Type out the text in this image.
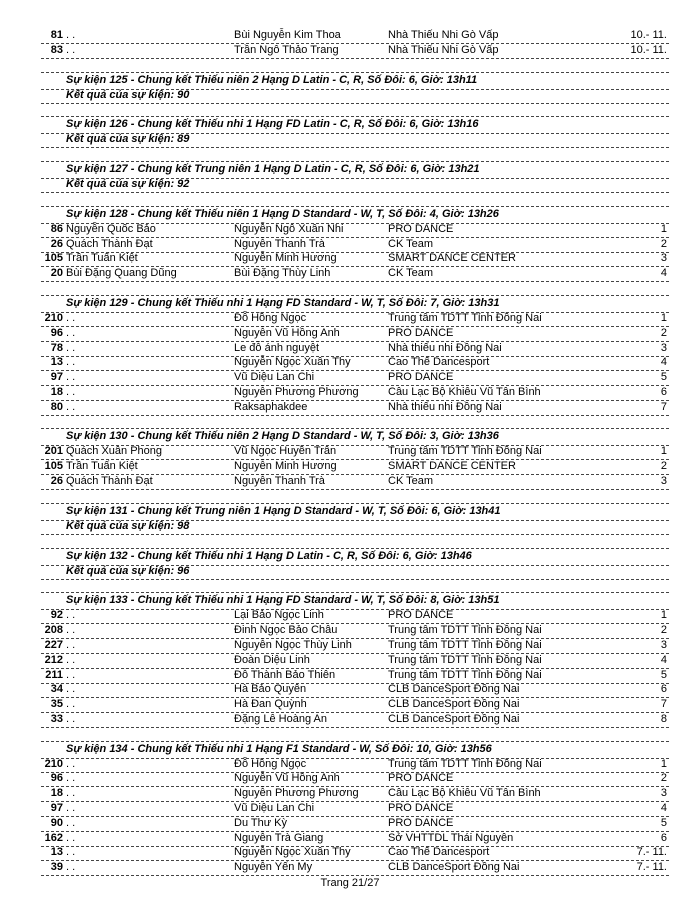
81 . .	Bùi Nguyễn Kim Thoa	Nhà Thiếu Nhi Gò Vấp	10.- 11.
83 . .	Trần Ngô Thảo Trang	Nhà Thiếu Nhi Gò Vấp	10.- 11.
Sự kiện 125 - Chung kết Thiếu niên 2 Hạng D Latin - C, R, Số Đôi: 6, Giờ: 13h11
Kết quả của sự kiện: 90
Sự kiện 126 - Chung kết Thiếu nhi 1 Hạng FD Latin - C, R, Số Đôi: 6, Giờ: 13h16
Kết quả của sự kiện: 89
Sự kiện 127 - Chung kết Trung niên 1 Hạng D Latin - C, R, Số Đôi: 6, Giờ: 13h21
Kết quả của sự kiện: 92
Sự kiện 128 - Chung kết Thiếu niên 1 Hạng D Standard - W, T, Số Đôi: 4, Giờ: 13h26
86 Nguyễn Quốc Bảo	Nguyễn Ngô Xuân Nhi	PRO DANCE	1
26 Quách Thành Đạt	Nguyễn Thanh Trà	CK Team	2
105 Trần Tuấn Kiệt	Nguyễn Minh Hương	SMART DANCE CENTER	3
20 Bùi Đặng Quang Dũng	Bùi Đặng Thùy Linh	CK Team	4
Sự kiện 129 - Chung kết Thiếu nhi 1 Hạng FD Standard - W, T, Số Đôi: 7, Giờ: 13h31
210 . .	Đỗ Hồng Ngọc	Trung tâm TDTT Tỉnh Đồng Nai	1
96 . .	Nguyễn Vũ Hồng Anh	PRO DANCE	2
78 . .	Le đỗ ánh nguyệt	Nhà thiếu nhi Đồng Nai	3
13 . .	Nguyễn Ngọc Xuân Thy	Cao Thế Dancesport	4
97 . .	Vũ Diệu Lan Chi	PRO DANCE	5
18 . .	Nguyễn Phương Phương	Câu Lạc Bộ Khiêu Vũ Tân Bình	6
80 . .	Raksaphakdee	Nhà thiếu nhi Đồng Nai	7
Sự kiện 130 - Chung kết Thiếu niên 2 Hạng D Standard - W, T, Số Đôi: 3, Giờ: 13h36
201 Quách Xuân Phong	Vũ Ngọc Huyền Trân	Trung tâm TDTT Tỉnh Đồng Nai	1
105 Trần Tuấn Kiệt	Nguyễn Minh Hương	SMART DANCE CENTER	2
26 Quách Thành Đạt	Nguyễn Thanh Trà	CK Team	3
Sự kiện 131 - Chung kết Trung niên 1 Hạng D Standard - W, T, Số Đôi: 6, Giờ: 13h41
Kết quả của sự kiện: 98
Sự kiện 132 - Chung kết Thiếu nhi 1 Hạng D Latin - C, R, Số Đôi: 6, Giờ: 13h46
Kết quả của sự kiện: 96
Sự kiện 133 - Chung kết Thiếu nhi 1 Hạng FD Standard - W, T, Số Đôi: 8, Giờ: 13h51
92 . .	Lại Bảo Ngọc Linh	PRO DANCE	1
208 . .	Đinh Ngọc Bảo Châu	Trung tâm TDTT Tỉnh Đồng Nai	2
227 . .	Nguyễn Ngọc Thùy Linh	Trung tâm TDTT Tỉnh Đồng Nai	3
212 . .	Đoàn Diệu Linh	Trung tâm TDTT Tỉnh Đồng Nai	4
211 . .	Đỗ Thành Bảo Thiên	Trung tâm TDTT Tỉnh Đồng Nai	5
34 . .	Hà Bảo Quyên	CLB DanceSport Đồng Nai	6
35 . .	Hà Đan Quỳnh	CLB DanceSport Đồng Nai	7
33 . .	Đặng Lê Hoàng An	CLB DanceSport Đồng Nai	8
Sự kiện 134 - Chung kết Thiếu nhi 1 Hạng F1 Standard - W, Số Đôi: 10, Giờ: 13h56
210 . .	Đỗ Hồng Ngọc	Trung tâm TDTT Tỉnh Đồng Nai	1
96 . .	Nguyễn Vũ Hồng Anh	PRO DANCE	2
18 . .	Nguyễn Phương Phương	Câu Lạc Bộ Khiêu Vũ Tân Bình	3
97 . .	Vũ Diệu Lan Chi	PRO DANCE	4
90 . .	Du Thư Kỳ	PRO DANCE	5
162 . .	Nguyễn Trà Giang	Sở VHTTDL Thái Nguyên	6
13 . .	Nguyễn Ngọc Xuân Thy	Cao Thế Dancesport	7.- 11.
39 . .	Nguyễn Yến My	CLB DanceSport Đồng Nai	7.- 11.
Trang 21/27
